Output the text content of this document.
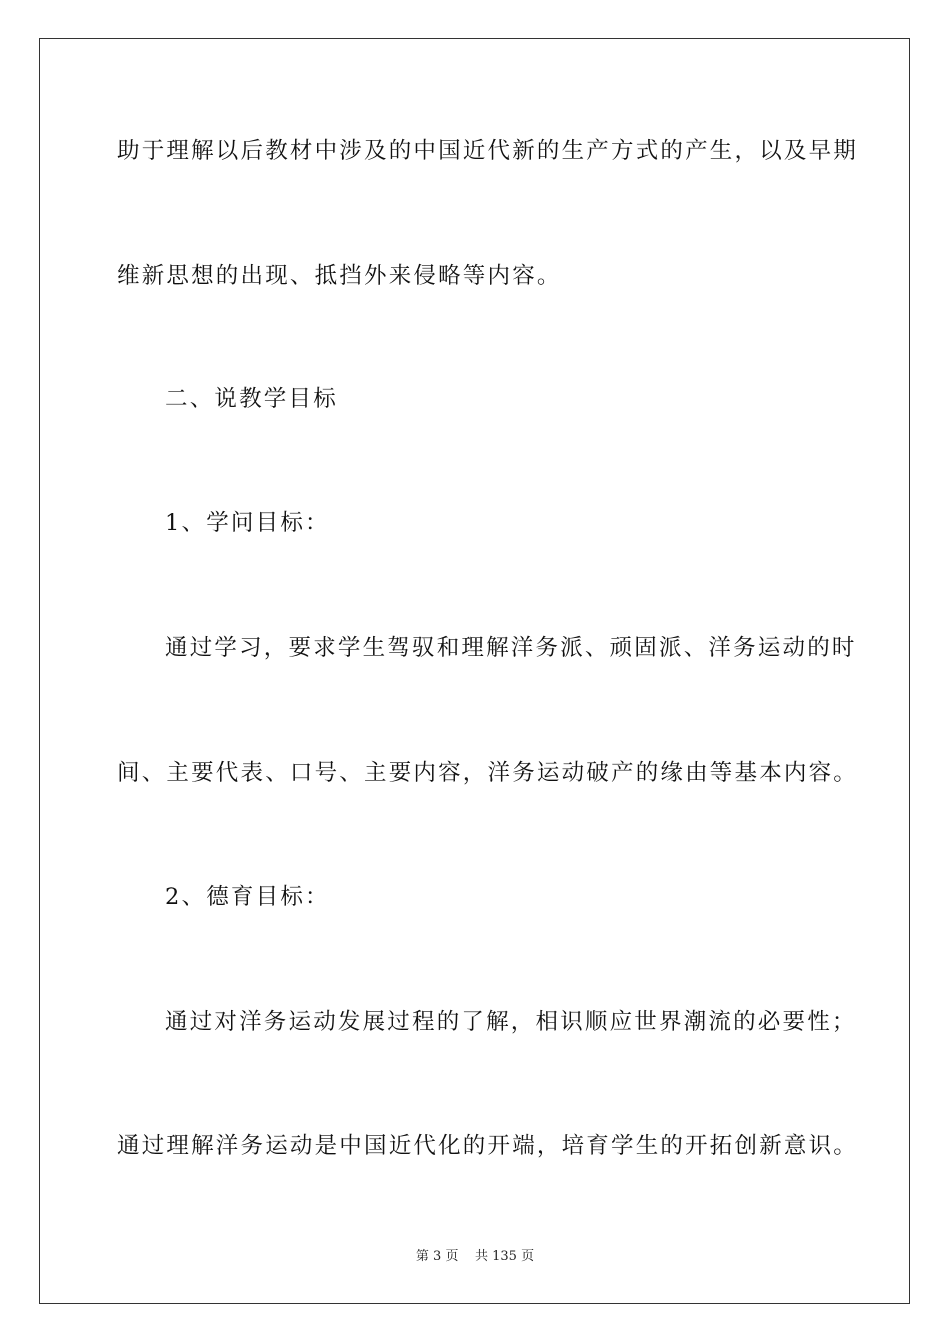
助于理解以后教材中涉及的中国近代新的生产方式的产生，以及早期
维新思想的出现、抵挡外来侵略等内容。
二、说教学目标
1、学问目标：
通过学习，要求学生驾驭和理解洋务派、顽固派、洋务运动的时
间、主要代表、口号、主要内容，洋务运动破产的缘由等基本内容。
2、德育目标：
通过对洋务运动发展过程的了解，相识顺应世界潮流的必要性；
通过理解洋务运动是中国近代化的开端，培育学生的开拓创新意识。
第 3 页 共 135 页
